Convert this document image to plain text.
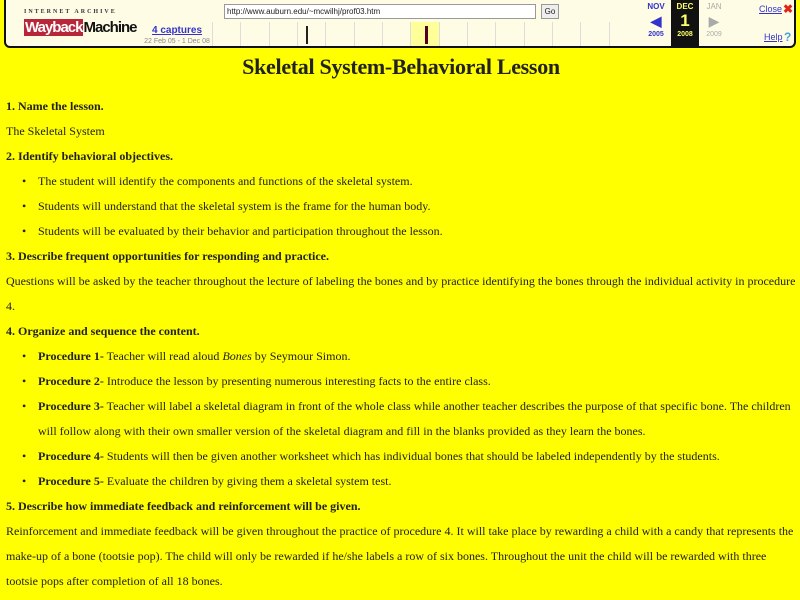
INTERNET ARCHIVE
WaybackMachine
http://www.auburn.edu/~mcwilhj/prof03.htm	Go
4 captures
22 Feb 05 - 1 Dec 08
NOV
◀
2005
DEC
1
2008
JAN
▶
2009
Close ✖
Help ?
Skeletal System-Behavioral Lesson
1. Name the lesson.
The Skeletal System
2. Identify behavioral objectives.
• The student will identify the components and functions of the skeletal system.
• Students will understand that the skeletal system is the frame for the human body.
• Students will be evaluated by their behavior and participation throughout the lesson.
3. Describe frequent opportunities for responding and practice.
Questions will be asked by the teacher throughout the lecture of labeling the bones and by practice identifying the bones through the individual activity in procedure 4.
4. Organize and sequence the content.
• Procedure 1- Teacher will read aloud Bones by Seymour Simon.
• Procedure 2- Introduce the lesson by presenting numerous interesting facts to the entire class.
• Procedure 3- Teacher will label a skeletal diagram in front of the whole class while another teacher describes the purpose of that specific bone. The children will follow along with their own smaller version of the skeletal diagram and fill in the blanks provided as they learn the bones.
• Procedure 4- Students will then be given another worksheet which has individual bones that should be labeled independently by the students.
• Procedure 5- Evaluate the children by giving them a skeletal system test.
5. Describe how immediate feedback and reinforcement will be given.
Reinforcement and immediate feedback will be given throughout the practice of procedure 4. It will take place by rewarding a child with a candy that represents the make-up of a bone (tootsie pop). The child will only be rewarded if he/she labels a row of six bones. Throughout the unit the child will be rewarded with three tootsie pops after completion of all 18 bones.
